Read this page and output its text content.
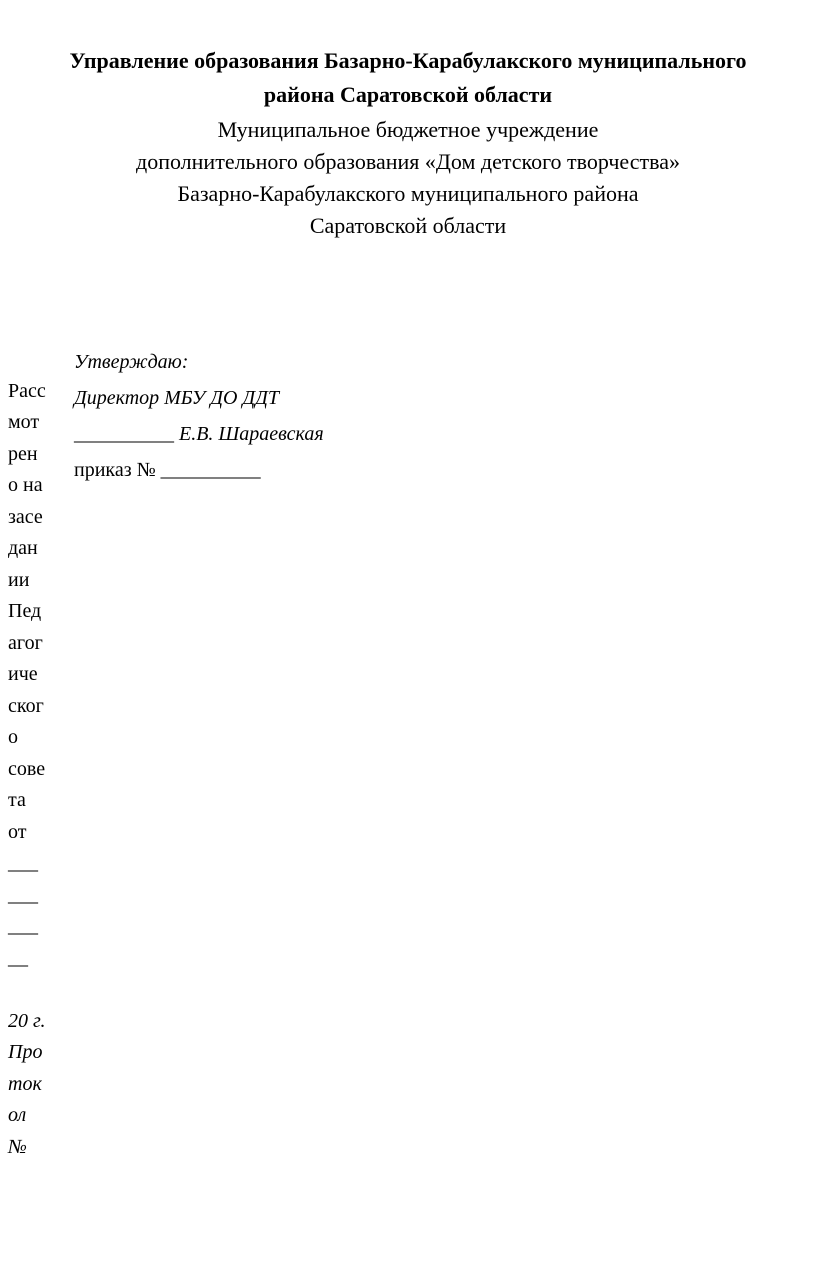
Управление образования Базарно-Карабулакского муниципального

района Саратовской области

Муниципальное бюджетное учреждение

дополнительного образования «Дом детского творчества»

Базарно-Карабулакского муниципального района

Саратовской области

Расс
мот
рен
о на
засе
дан
ии
Пед
агог
иче
ског
о
сове
та
от
___
___
___
__

20 г.
Про
ток
ол
№

Утверждаю:
Директор МБУ ДО ДДТ
__________ Е.В. Шараевская
приказ № __________
